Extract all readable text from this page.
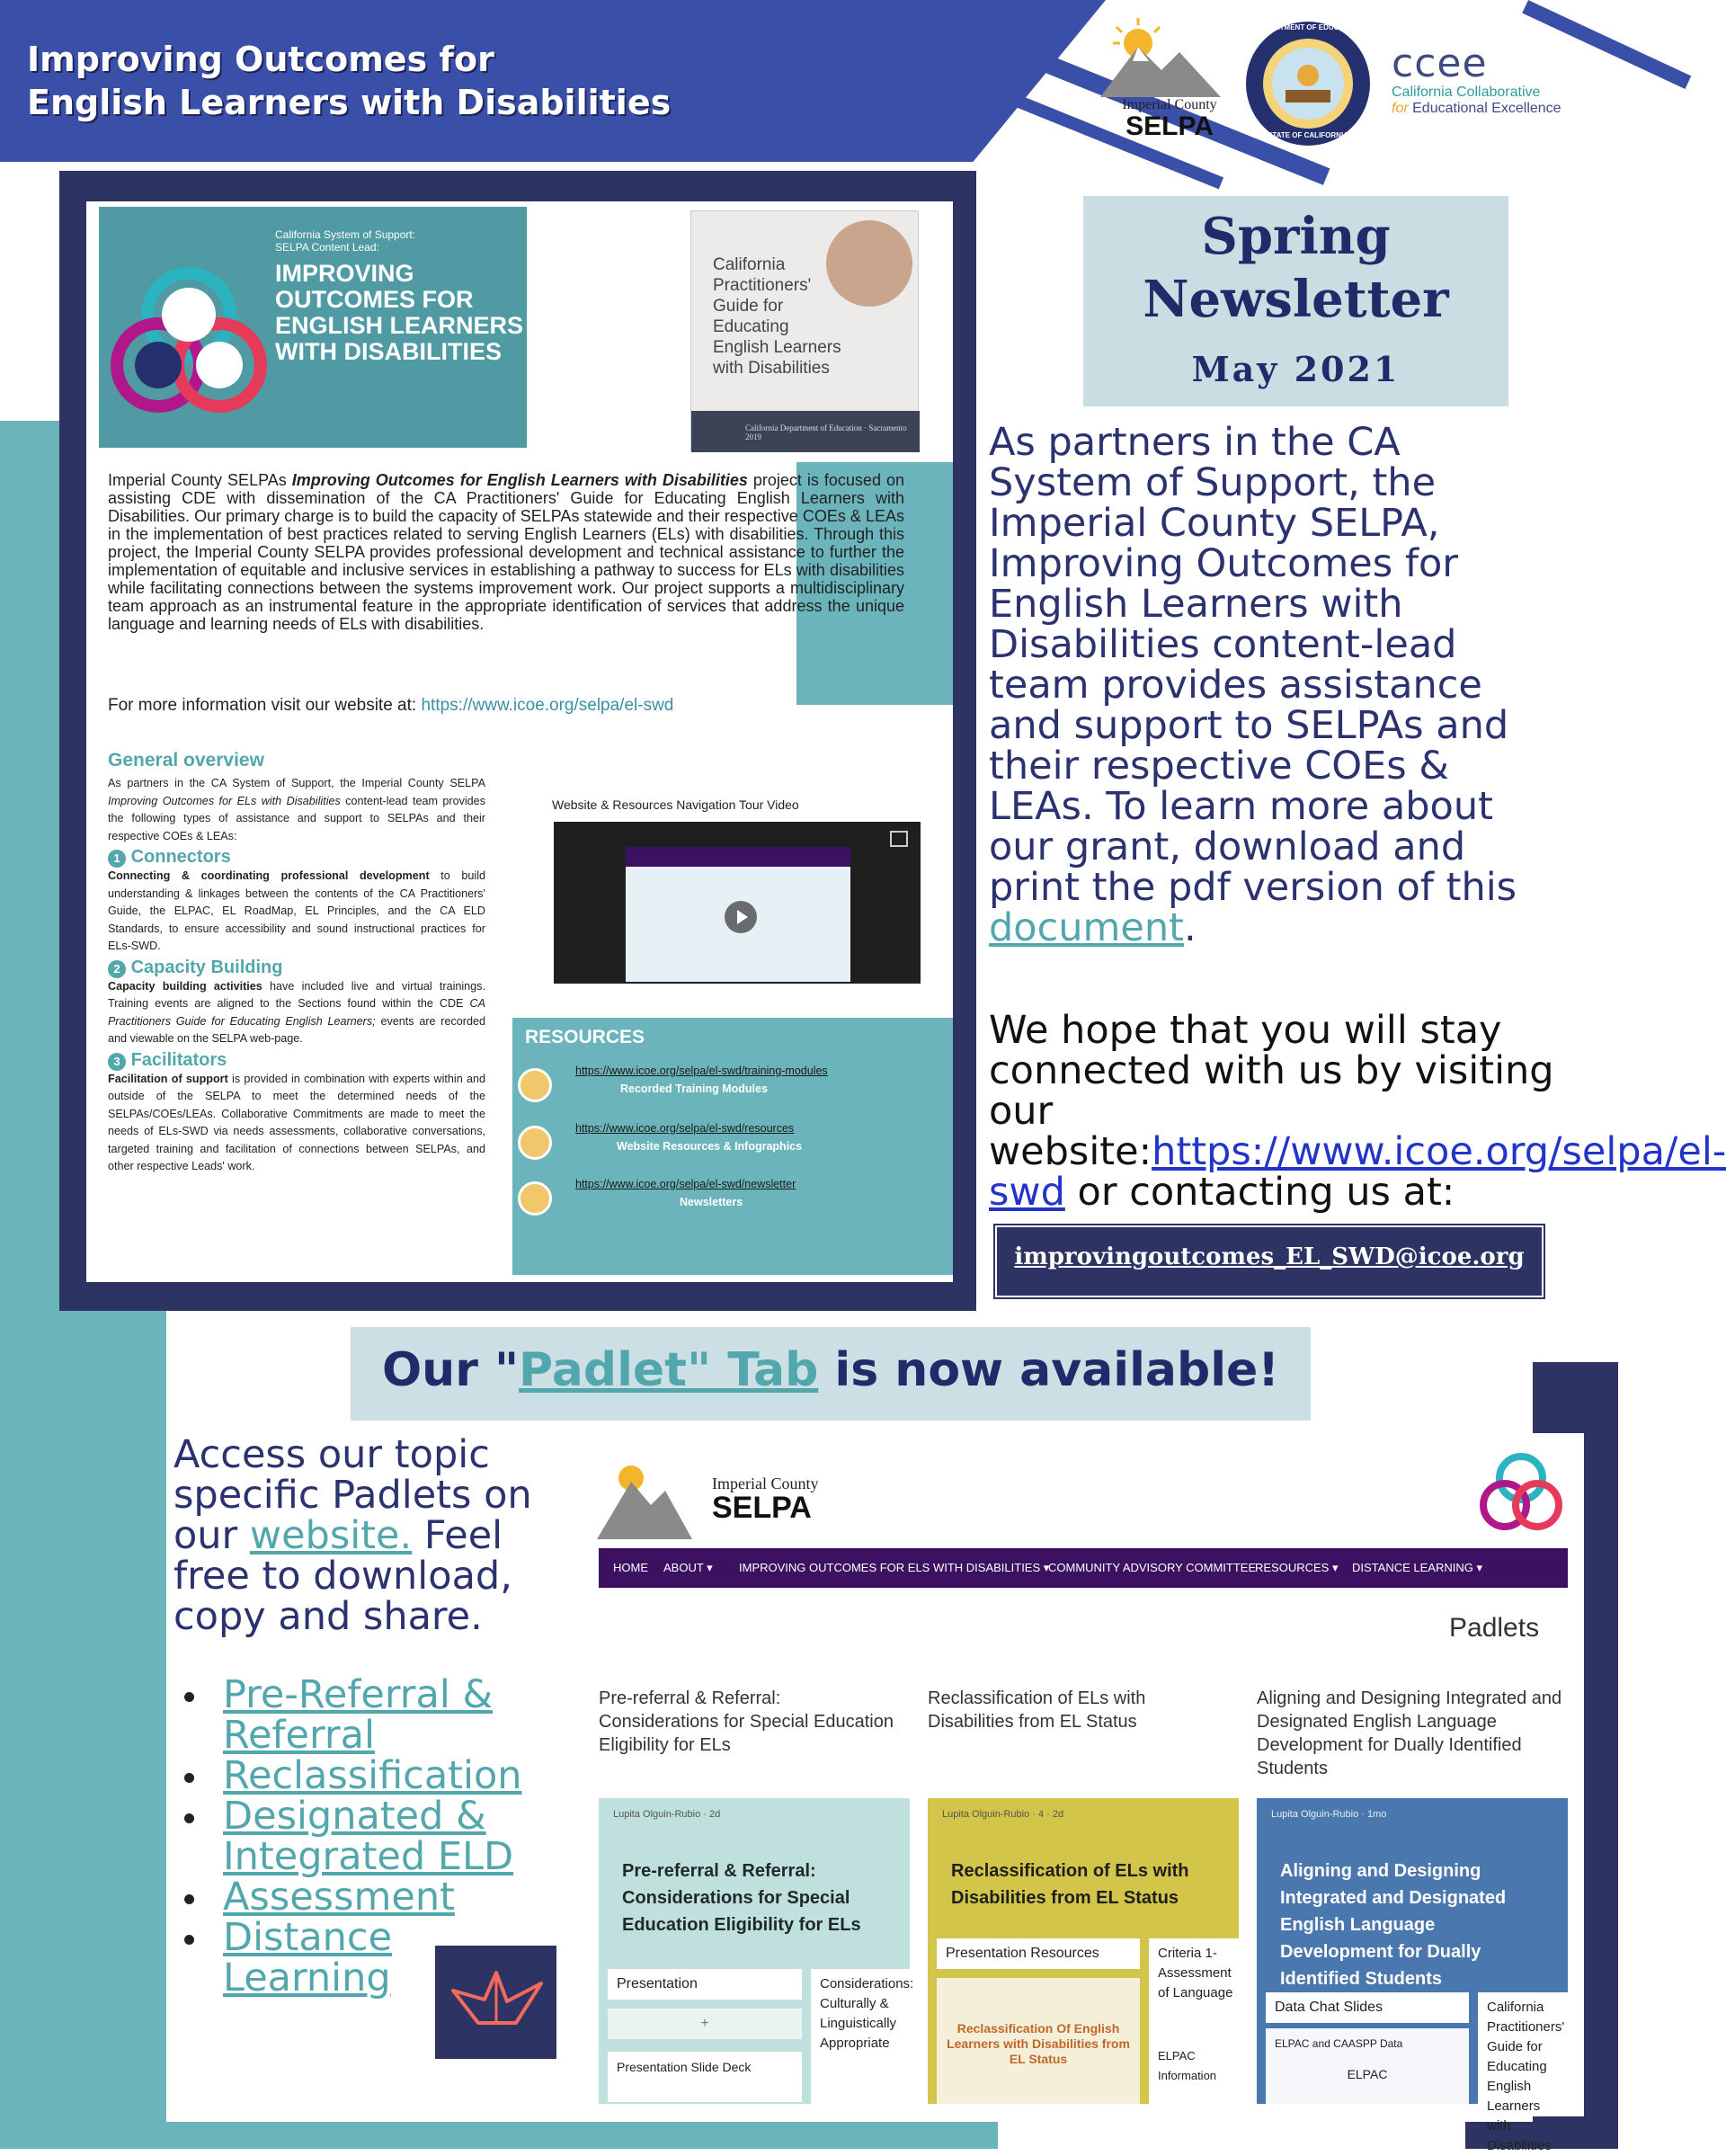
Improving Outcomes for
English Learners with Disabilities	Imperial County
SELPA
DEPARTMENT OF EDUCATION
STATE OF CALIFORNIA
ccee
California Collaborative
for Educational Excellence
California System of Support:
SELPA Content Lead:
IMPROVING OUTCOMES FOR ENGLISH LEARNERS WITH DISABILITIES
California Practitioners' Guide for Educating English Learners with Disabilities
California Department of Education · Sacramento 2019
Imperial County SELPAs Improving Outcomes for English Learners with Disabilities project is focused on assisting CDE with dissemination of the CA Practitioners' Guide for Educating English Learners with Disabilities. Our primary charge is to build the capacity of SELPAs statewide and their respective COEs & LEAs in the implementation of best practices related to serving English Learners (ELs) with disabilities. Through this project, the Imperial County SELPA provides professional development and technical assistance to further the implementation of equitable and inclusive services in establishing a pathway to success for ELs with disabilities while facilitating connections between the systems improvement work. Our project supports a multidisciplinary team approach as an instrumental feature in the appropriate identification of services that address the unique language and learning needs of ELs with disabilities.
For more information visit our website at: https://www.icoe.org/selpa/el-swd
General overview
As partners in the CA System of Support, the Imperial County SELPA Improving Outcomes for ELs with Disabilities content-lead team provides the following types of assistance and support to SELPAs and their respective COEs & LEAs:
1 Connectors
Connecting & coordinating professional development to build understanding & linkages between the contents of the CA Practitioners' Guide, the ELPAC, EL RoadMap, EL Principles, and the CA ELD Standards, to ensure accessibility and sound instructional practices for ELs-SWD.
2 Capacity Building
Capacity building activities have included live and virtual trainings. Training events are aligned to the Sections found within the CDE CA Practitioners Guide for Educating English Learners; events are recorded and viewable on the SELPA web-page.
3 Facilitators
Facilitation of support is provided in combination with experts within and outside of the SELPA to meet the determined needs of the SELPAs/COEs/LEAs. Collaborative Commitments are made to meet the needs of ELs-SWD via needs assessments, collaborative conversations, targeted training and facilitation of connections between SELPAs, and other respective Leads' work.
Website & Resources Navigation Tour Video
RESOURCES
https://www.icoe.org/selpa/el-swd/training-modules
Recorded Training Modules
https://www.icoe.org/selpa/el-swd/resources
Website Resources & Infographics
https://www.icoe.org/selpa/el-swd/newsletter
Newsletters
Spring
Newsletter
May 2021
As partners in the CA System of Support, the Imperial County SELPA, Improving Outcomes for English Learners with Disabilities content-lead team provides assistance and support to SELPAs and their respective COEs & LEAs. To learn more about our grant, download and print the pdf version of this document.
We hope that you will stay connected with us by visiting our website:https://www.icoe.org/selpa/el-swd or contacting us at:
improvingoutcomes_EL_SWD@icoe.org
Our "Padlet" Tab is now available!
Access our topic specific Padlets on our website. Feel free to download, copy and share.
Pre-Referral & Referral
Reclassification
Designated & Integrated ELD
Assessment
Distance Learning
Imperial County
SELPA
HOME ABOUT ▾ IMPROVING OUTCOMES FOR ELS WITH DISABILITIES ▾
COMMUNITY ADVISORY COMMITTEE
RESOURCES ▾ DISTANCE LEARNING ▾
Padlets
Pre-referral & Referral: Considerations for Special Education Eligibility for ELs
Reclassification of ELs with Disabilities from EL Status
Aligning and Designing Integrated and Designated English Language Development for Dually Identified Students
Lupita Olguin-Rubio · 2d
Pre-referral & Referral: Considerations for Special Education Eligibility for ELs
Presentation
+
Considerations: Culturally & Linguistically Appropriate
Presentation Slide Deck
Lupita Olguin-Rubio · 4 · 2d
Reclassification of ELs with Disabilities from EL Status
Presentation Resources	Criteria 1-Assessment of Language
Reclassification Of English Learners with Disabilities from EL Status	ELPAC Information
Lupita Olguin-Rubio · 1mo
Aligning and Designing Integrated and Designated English Language Development for Dually Identified Students
Data Chat Slides	California Practitioners' Guide for Educating English Learners with Disabilities
ELPAC and CAASPP Data
ELPAC
